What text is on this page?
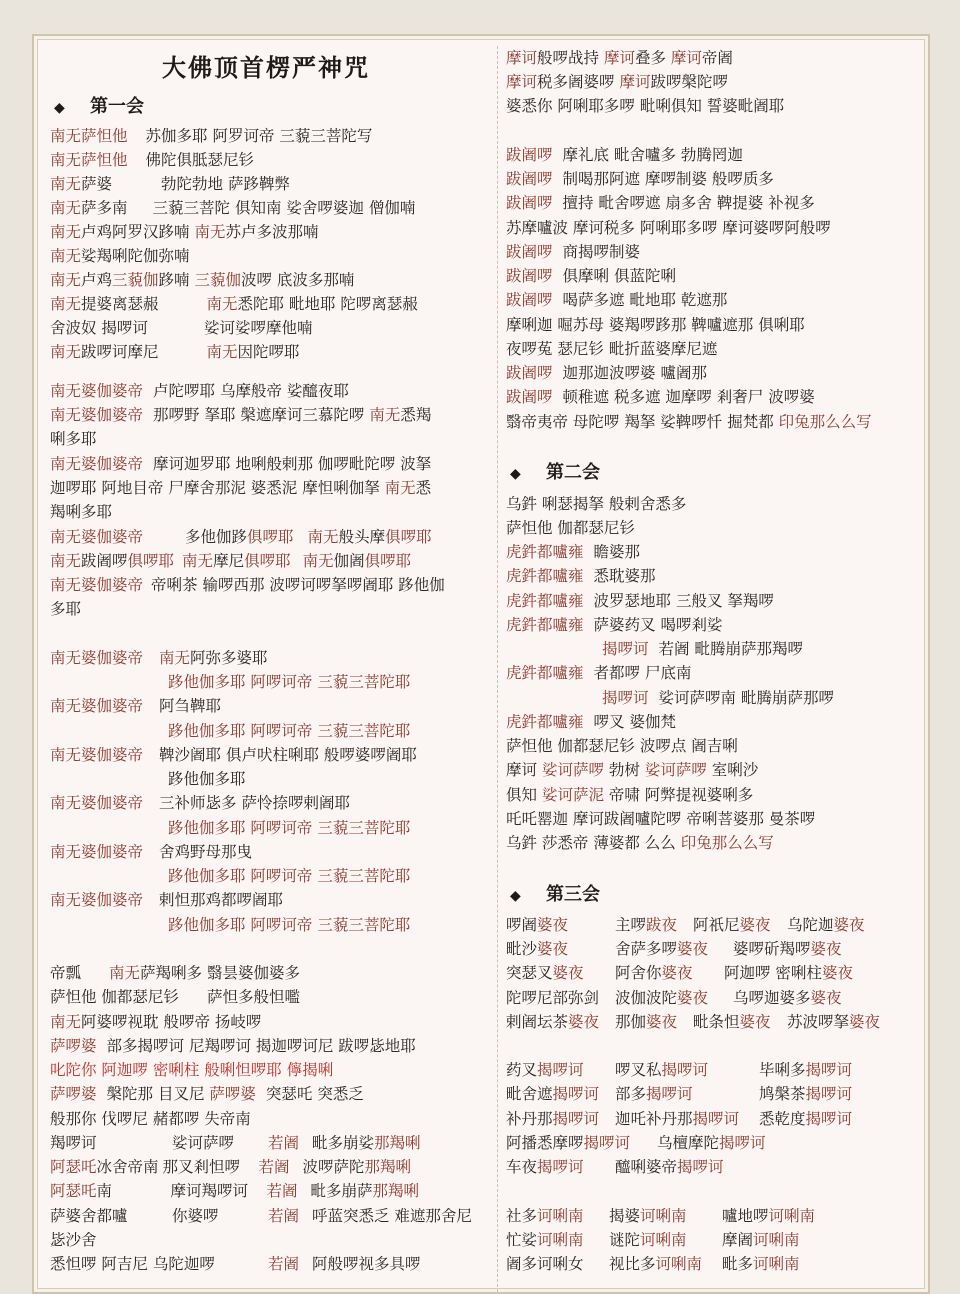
大佛顶首楞严神咒
◆ 第一会
南无萨怛他 苏伽多耶 阿罗诃帝 三藐三菩陀写
南无萨怛他 佛陀俱胝瑟尼钐
南无萨婆	勃陀勃地 萨跢鞞弊
南无萨多南 三藐三菩陀 俱知南 娑舍啰婆迦 僧伽喃
南无卢鸡阿罗汉跢喃 南无苏卢多波那喃
南无娑羯唎陀伽弥喃
南无卢鸡三藐伽跢喃 三藐伽波啰 底波多那喃
南无提婆离瑟赧	南无悉陀耶 毗地耶 陀啰离瑟赧
舍波奴 揭啰诃	娑诃娑啰摩他喃
南无跋啰诃摩尼	南无因陀啰耶
南无婆伽婆帝 卢陀啰耶 乌摩般帝 娑醯夜耶
南无婆伽婆帝 那啰野 拏耶 槃遮摩诃三慕陀啰 南无悉羯
唎多耶
南无婆伽婆帝 摩诃迦罗耶 地唎般剌那 伽啰毗陀啰 波拏
迦啰耶 阿地目帝 尸摩舍那泥 婆悉泥 摩怛唎伽拏 南无悉
羯唎多耶
南无婆伽婆帝	多他伽跢俱啰耶 南无般头摩俱啰耶
南无跋阇啰俱啰耶 南无摩尼俱啰耶 南无伽阇俱啰耶
南无婆伽婆帝 帝唎茶 输啰西那 波啰诃啰拏啰阇耶 跢他伽
多耶
南无婆伽婆帝 南无阿弥多婆耶
跢他伽多耶 阿啰诃帝 三藐三菩陀耶
南无婆伽婆帝 阿刍鞞耶
跢他伽多耶 阿啰诃帝 三藐三菩陀耶
南无婆伽婆帝 鞞沙阇耶 俱卢吠柱唎耶 般啰婆啰阇耶
跢他伽多耶
南无婆伽婆帝 三补师毖多 萨怜捺啰剌阇耶
跢他伽多耶 阿啰诃帝 三藐三菩陀耶
南无婆伽婆帝 舍鸡野母那曳
跢他伽多耶 阿啰诃帝 三藐三菩陀耶
南无婆伽婆帝 剌怛那鸡都啰阇耶
跢他伽多耶 阿啰诃帝 三藐三菩陀耶
帝瓢 南无萨羯唎多 翳昙婆伽婆多
萨怛他 伽都瑟尼钐 萨怛多般怛嚂
南无阿婆啰视耽 般啰帝 扬岐啰
萨啰婆 部多揭啰诃 尼羯啰诃 揭迦啰诃尼 跋啰毖地耶
叱陀你 阿迦啰 密唎柱 般唎怛啰耶 儜揭唎
萨啰婆 槃陀那 目叉尼 萨啰婆 突瑟吒 突悉乏
般那你 伐啰尼 赭都啰 失帝南
羯啰诃	娑诃萨啰 若阇 毗多崩娑那羯唎
阿瑟吒冰舍帝南 那叉剎怛啰 若阇 波啰萨陀那羯唎
阿瑟吒南	摩诃羯啰诃 若阇 毗多崩萨那羯唎
萨婆舍都嚧	你婆啰	若阇 呼蓝突悉乏 难遮那舍尼
毖沙舍
悉怛啰 阿吉尼 乌陀迦啰	若阇 阿般啰视多具啰
摩诃般啰战持 摩诃叠多 摩诃帝阇
摩诃税多阇婆啰 摩诃跋啰槃陀啰
婆悉你 阿唎耶多啰 毗唎俱知 誓婆毗阇耶
跋阇啰 摩礼底 毗舍嚧多 勃腾罔迦
跋阇啰 制喝那阿遮 摩啰制婆 般啰质多
跋阇啰 擅持 毗舍啰遮 扇多舍 鞞提婆 补视多
苏摩嚧波 摩诃税多 阿唎耶多啰 摩诃婆啰阿般啰
跋阇啰 商揭啰制婆
跋阇啰 俱摩唎 俱蓝陀唎
跋阇啰 喝萨多遮 毗地耶 乾遮那
摩唎迦 啒苏母 婆羯啰跢那 鞞嚧遮那 俱唎耶
夜啰菟 瑟尼钐 毗折蓝婆摩尼遮
跋阇啰 迦那迦波啰婆 嚧阇那
跋阇啰 顿稚遮 税多遮 迦摩啰 剎奢尸 波啰婆
翳帝夷帝 母陀啰 羯拏 娑鞞啰忏 掘梵都 印兔那么么写
◆ 第二会
乌鈝 唎瑟揭拏 般剌舍悉多
萨怛他 伽都瑟尼钐
虎鈝都嚧雍 瞻婆那
虎鈝都嚧雍 悉耽婆那
虎鈝都嚧雍 波罗瑟地耶 三般叉 拏羯啰
虎鈝都嚧雍 萨婆药叉 喝啰剎娑
揭啰诃 若阇 毗腾崩萨那羯啰
虎鈝都嚧雍 者都啰 尸底南
揭啰诃 娑诃萨啰南 毗腾崩萨那啰
虎鈝都嚧雍 啰叉 婆伽梵
萨怛他 伽都瑟尼钐 波啰点 阇吉唎
摩诃 娑诃萨啰 勃树 娑诃萨啰 室唎沙
俱知 娑诃萨泥 帝啸 阿弊提视婆唎多
吒吒罂迦 摩诃跋阇嚧陀啰 帝唎菩婆那 曼茶啰
乌鈝 莎悉帝 薄婆都 么么 印兔那么么写
◆ 第三会
啰阇婆夜	主啰跋夜 阿祇尼婆夜 乌陀迦婆夜
毗沙婆夜	舍萨多啰婆夜 婆啰斫羯啰婆夜
突瑟叉婆夜 阿舍你婆夜 阿迦啰 密唎柱婆夜
陀啰尼部弥剑 波伽波陀婆夜 乌啰迦婆多婆夜
剌阇坛茶婆夜 那伽婆夜 毗条怛婆夜 苏波啰拏婆夜
药叉揭啰诃 啰叉私揭啰诃	毕唎多揭啰诃
毗舍遮揭啰诃 部多揭啰诃	鸠槃茶揭啰诃
补丹那揭啰诃 迦吒补丹那揭啰诃 悉乾度揭啰诃
阿播悉摩啰揭啰诃 乌檀摩陀揭啰诃
车夜揭啰诃 醯唎婆帝揭啰诃
社多诃唎南 揭婆诃唎南 嚧地啰诃唎南
忙娑诃唎南 谜陀诃唎南 摩阇诃唎南
阇多诃唎女 视比多诃唎南 毗多诃唎南
